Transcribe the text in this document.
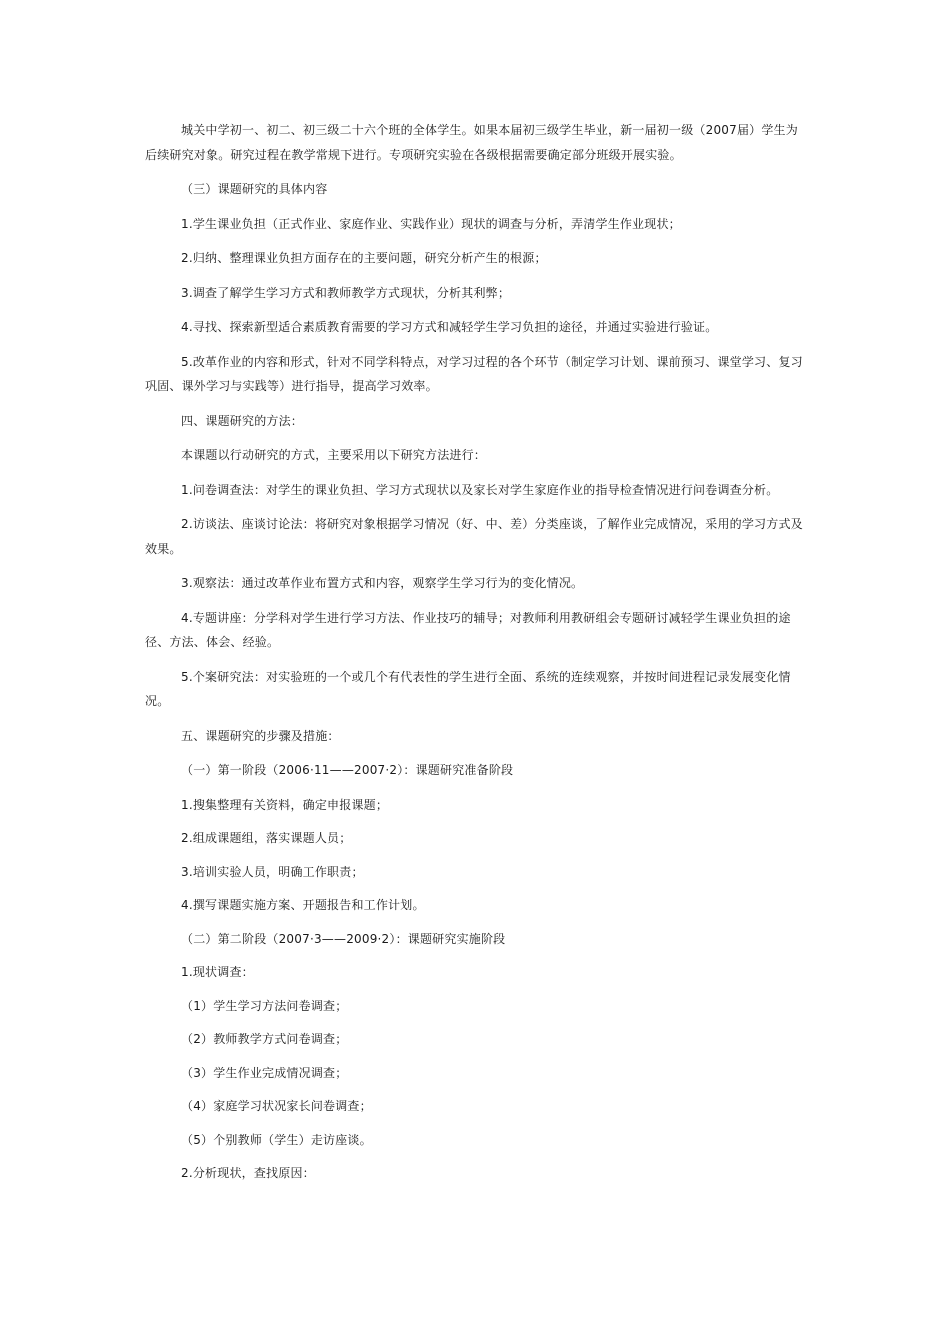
城关中学初一、初二、初三级二十六个班的全体学生。如果本届初三级学生毕业，新一届初一级（2007届）学生为后续研究对象。研究过程在教学常规下进行。专项研究实验在各级根据需要确定部分班级开展实验。

（三）课题研究的具体内容

1.学生课业负担（正式作业、家庭作业、实践作业）现状的调查与分析，弄清学生作业现状；

2.归纳、整理课业负担方面存在的主要问题，研究分析产生的根源；

3.调查了解学生学习方式和教师教学方式现状，分析其利弊；

4.寻找、探索新型适合素质教育需要的学习方式和减轻学生学习负担的途径，并通过实验进行验证。

5.改革作业的内容和形式，针对不同学科特点，对学习过程的各个环节（制定学习计划、课前预习、课堂学习、复习巩固、课外学习与实践等）进行指导，提高学习效率。

四、课题研究的方法：

本课题以行动研究的方式，主要采用以下研究方法进行：

1.问卷调查法：对学生的课业负担、学习方式现状以及家长对学生家庭作业的指导检查情况进行问卷调查分析。

2.访谈法、座谈讨论法：将研究对象根据学习情况（好、中、差）分类座谈，了解作业完成情况，采用的学习方式及效果。

3.观察法：通过改革作业布置方式和内容，观察学生学习行为的变化情况。

4.专题讲座：分学科对学生进行学习方法、作业技巧的辅导；对教师利用教研组会专题研讨减轻学生课业负担的途径、方法、体会、经验。

5.个案研究法：对实验班的一个或几个有代表性的学生进行全面、系统的连续观察，并按时间进程记录发展变化情况。

五、课题研究的步骤及措施：

（一）第一阶段（2006·11——2007·2）：课题研究准备阶段

1.搜集整理有关资料，确定申报课题；

2.组成课题组，落实课题人员；

3.培训实验人员，明确工作职责；

4.撰写课题实施方案、开题报告和工作计划。

（二）第二阶段（2007·3——2009·2）：课题研究实施阶段

1.现状调查：

（1）学生学习方法问卷调查；

（2）教师教学方式问卷调查；

（3）学生作业完成情况调查；

（4）家庭学习状况家长问卷调查；

（5）个别教师（学生）走访座谈。

2.分析现状，查找原因：
